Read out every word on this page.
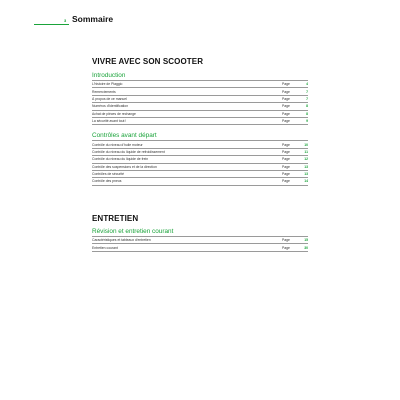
3 Sommaire
VIVRE AVEC SON SCOOTER
Introduction
L'histoire de Piaggio	Page	4
Remerciements	Page	7
À propos de ce manuel	Page	7
Numéros d'identification	Page	8
Achat de pièces de rechange	Page	8
La sécurité avant tout !	Page	9
Contrôles avant départ
Contrôle du niveau d'huile moteur	Page	10
Contrôle du niveau du liquide de refroidissement	Page	11
Contrôle du niveau du liquide de frein	Page	12
Contrôle des suspensions et de la direction	Page	13
Contrôles de sécurité	Page	13
Contrôle des pneus	Page	14
ENTRETIEN
Révision et entretien courant
Caractéristiques et tableaux d'entretien	Page	15
Entretien courant	Page	30
